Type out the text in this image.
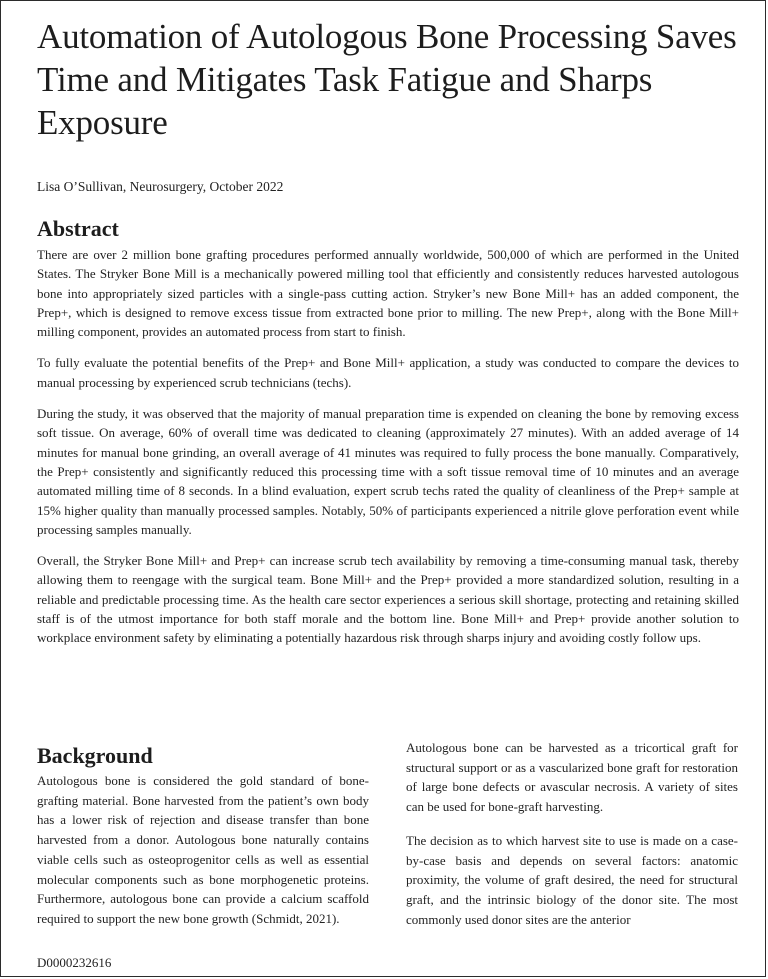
Automation of Autologous Bone Processing Saves Time and Mitigates Task Fatigue and Sharps Exposure
Lisa O’Sullivan, Neurosurgery, October 2022
Abstract

There are over 2 million bone grafting procedures performed annually worldwide, 500,000 of which are performed in the United States. The Stryker Bone Mill is a mechanically powered milling tool that efficiently and consistently reduces harvested autologous bone into appropriately sized particles with a single-pass cutting action. Stryker’s new Bone Mill+ has an added component, the Prep+, which is designed to remove excess tissue from extracted bone prior to milling. The new Prep+, along with the Bone Mill+ milling component, provides an automated process from start to finish.

To fully evaluate the potential benefits of the Prep+ and Bone Mill+ application, a study was conducted to compare the devices to manual processing by experienced scrub technicians (techs).

During the study, it was observed that the majority of manual preparation time is expended on cleaning the bone by removing excess soft tissue. On average, 60% of overall time was dedicated to cleaning (approximately 27 minutes). With an added average of 14 minutes for manual bone grinding, an overall average of 41 minutes was required to fully process the bone manually. Comparatively, the Prep+ consistently and significantly reduced this processing time with a soft tissue removal time of 10 minutes and an average automated milling time of 8 seconds. In a blind evaluation, expert scrub techs rated the quality of cleanliness of the Prep+ sample at 15% higher quality than manually processed samples. Notably, 50% of participants experienced a nitrile glove perforation event while processing samples manually.

Overall, the Stryker Bone Mill+ and Prep+ can increase scrub tech availability by removing a time-consuming manual task, thereby allowing them to reengage with the surgical team. Bone Mill+ and the Prep+ provided a more standardized solution, resulting in a reliable and predictable processing time. As the health care sector experiences a serious skill shortage, protecting and retaining skilled staff is of the utmost importance for both staff morale and the bottom line. Bone Mill+ and Prep+ provide another solution to workplace environment safety by eliminating a potentially hazardous risk through sharps injury and avoiding costly follow ups.

Background

Autologous bone is considered the gold standard of bone-grafting material. Bone harvested from the patient’s own body has a lower risk of rejection and disease transfer than bone harvested from a donor. Autologous bone naturally contains viable cells such as osteoprogenitor cells as well as essential molecular components such as bone morphogenetic proteins. Furthermore, autologous bone can provide a calcium scaffold required to support the new bone growth (Schmidt, 2021).

Autologous bone can be harvested as a tricortical graft for structural support or as a vascularized bone graft for restoration of large bone defects or avascular necrosis. A variety of sites can be used for bone-graft harvesting.

The decision as to which harvest site to use is made on a case-by-case basis and depends on several factors: anatomic proximity, the volume of graft desired, the need for structural graft, and the intrinsic biology of the donor site. The most commonly used donor sites are the anterior

D0000232616
